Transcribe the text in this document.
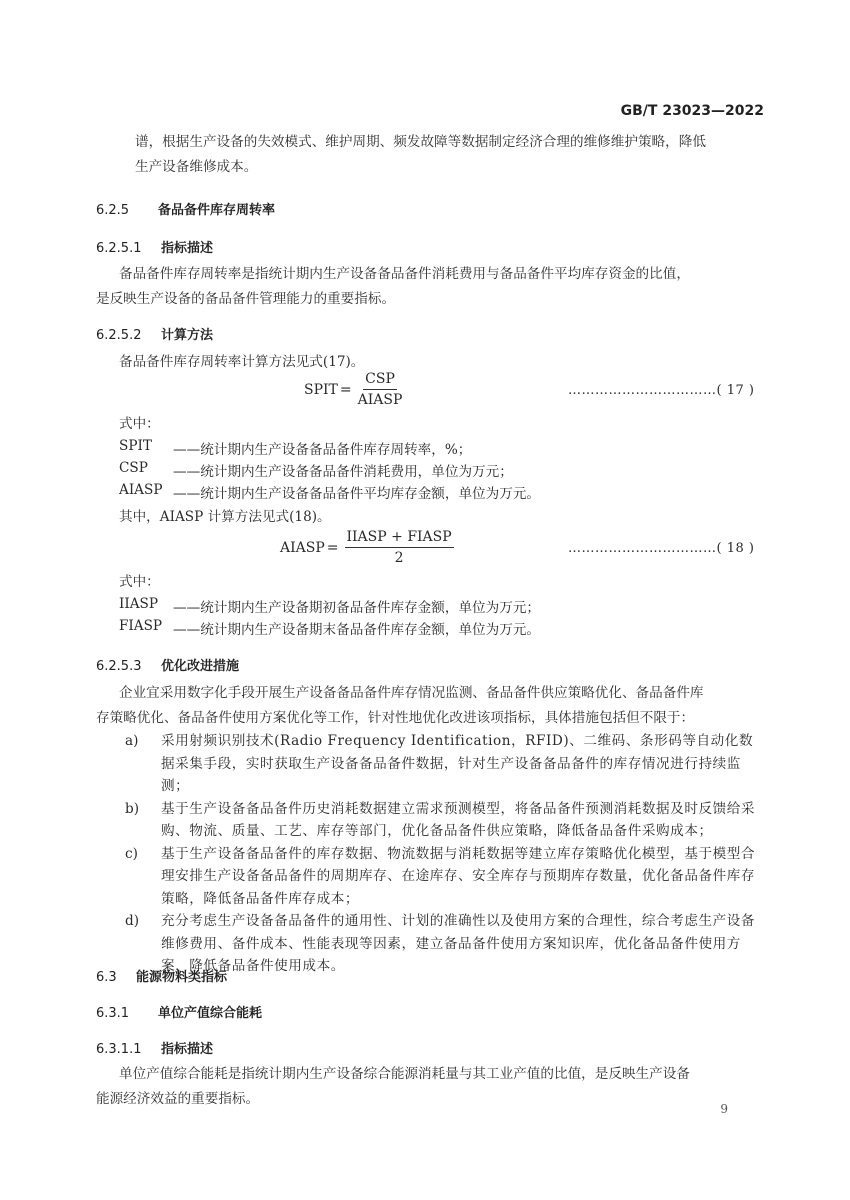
GB/T 23023—2022
谱，根据生产设备的失效模式、维护周期、频发故障等数据制定经济合理的维修维护策略，降低
生产设备维修成本。
6.2.5 备品备件库存周转率
6.2.5.1 指标描述
备品备件库存周转率是指统计期内生产设备备品备件消耗费用与备品备件平均库存资金的比值，
是反映生产设备的备品备件管理能力的重要指标。
6.2.5.2 计算方法
备品备件库存周转率计算方法见式(17)。
SPIT = $\frac{\text{CSP}}{\text{AIASP}}$	……………………………( 17 )
式中：
SPIT	——统计期内生产设备备品备件库存周转率，%；
CSP	——统计期内生产设备备品备件消耗费用，单位为万元；
AIASP ——统计期内生产设备备品备件平均库存金额，单位为万元。
其中，AIASP 计算方法见式(18)。
AIASP = $\frac{\text{IIASP + FIASP}}{2}$	……………………………( 18 )
式中：
IIASP	——统计期内生产设备期初备品备件库存金额，单位为万元；
FIASP ——统计期内生产设备期末备品备件库存金额，单位为万元。
6.2.5.3 优化改进措施
企业宜采用数字化手段开展生产设备备品备件库存情况监测、备品备件供应策略优化、备品备件库
存策略优化、备品备件使用方案优化等工作，针对性地优化改进该项指标，具体措施包括但不限于：
a)	采用射频识别技术(Radio Frequency Identification，RFID)、二维码、条形码等自动化数据采集手段，实时获取生产设备备品备件数据，针对生产设备备品备件的库存情况进行持续监测；
b)	基于生产设备备品备件历史消耗数据建立需求预测模型，将备品备件预测消耗数据及时反馈给采购、物流、质量、工艺、库存等部门，优化备品备件供应策略，降低备品备件采购成本；
c)	基于生产设备备品备件的库存数据、物流数据与消耗数据等建立库存策略优化模型，基于模型合理安排生产设备备品备件的周期库存、在途库存、安全库存与预期库存数量，优化备品备件库存策略，降低备品备件库存成本；
d)	充分考虑生产设备备品备件的通用性、计划的准确性以及使用方案的合理性，综合考虑生产设备维修费用、备件成本、性能表现等因素，建立备品备件使用方案知识库，优化备品备件使用方案，降低备品备件使用成本。
6.3 能源物料类指标
6.3.1 单位产值综合能耗
6.3.1.1 指标描述
单位产值综合能耗是指统计期内生产设备综合能源消耗量与其工业产值的比值，是反映生产设备
能源经济效益的重要指标。
9
